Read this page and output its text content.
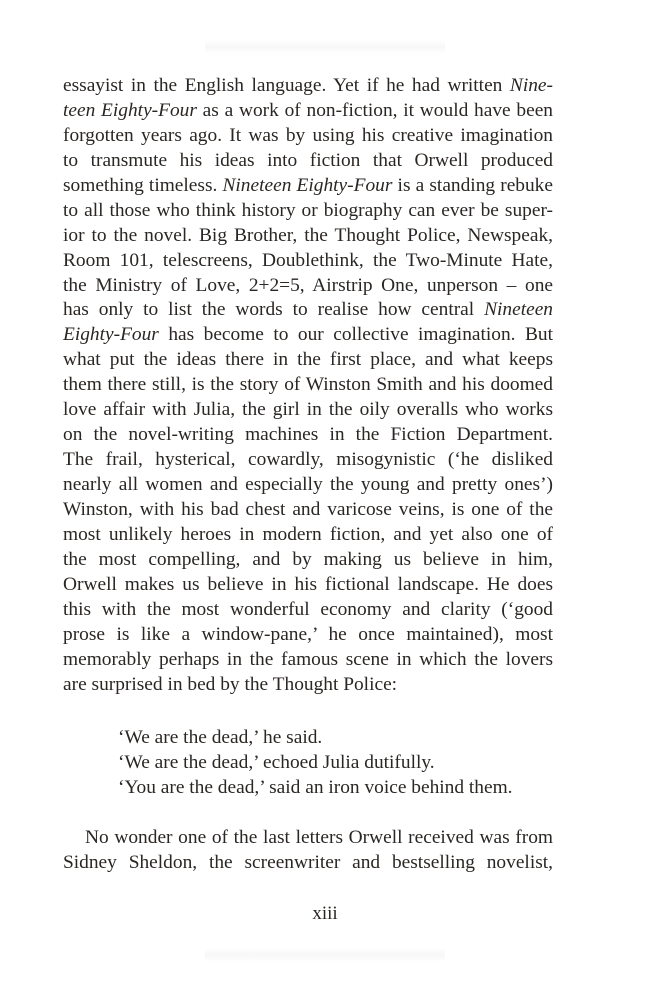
essayist in the English language. Yet if he had written Nine-
teen Eighty-Four as a work of non-fiction, it would have been
forgotten years ago. It was by using his creative imagination
to transmute his ideas into fiction that Orwell produced
something timeless. Nineteen Eighty-Four is a standing rebuke
to all those who think history or biography can ever be super-
ior to the novel. Big Brother, the Thought Police, Newspeak,
Room 101, telescreens, Doublethink, the Two-Minute Hate,
the Ministry of Love, 2+2=5, Airstrip One, unperson – one
has only to list the words to realise how central Nineteen
Eighty-Four has become to our collective imagination. But
what put the ideas there in the first place, and what keeps
them there still, is the story of Winston Smith and his doomed
love affair with Julia, the girl in the oily overalls who works
on the novel-writing machines in the Fiction Department.
The frail, hysterical, cowardly, misogynistic (‘he disliked
nearly all women and especially the young and pretty ones’)
Winston, with his bad chest and varicose veins, is one of the
most unlikely heroes in modern fiction, and yet also one of
the most compelling, and by making us believe in him,
Orwell makes us believe in his fictional landscape. He does
this with the most wonderful economy and clarity (‘good
prose is like a window-pane,’ he once maintained), most
memorably perhaps in the famous scene in which the lovers
are surprised in bed by the Thought Police:
‘We are the dead,’ he said.
‘We are the dead,’ echoed Julia dutifully.
‘You are the dead,’ said an iron voice behind them.
No wonder one of the last letters Orwell received was from
Sidney Sheldon, the screenwriter and bestselling novelist,
xiii
